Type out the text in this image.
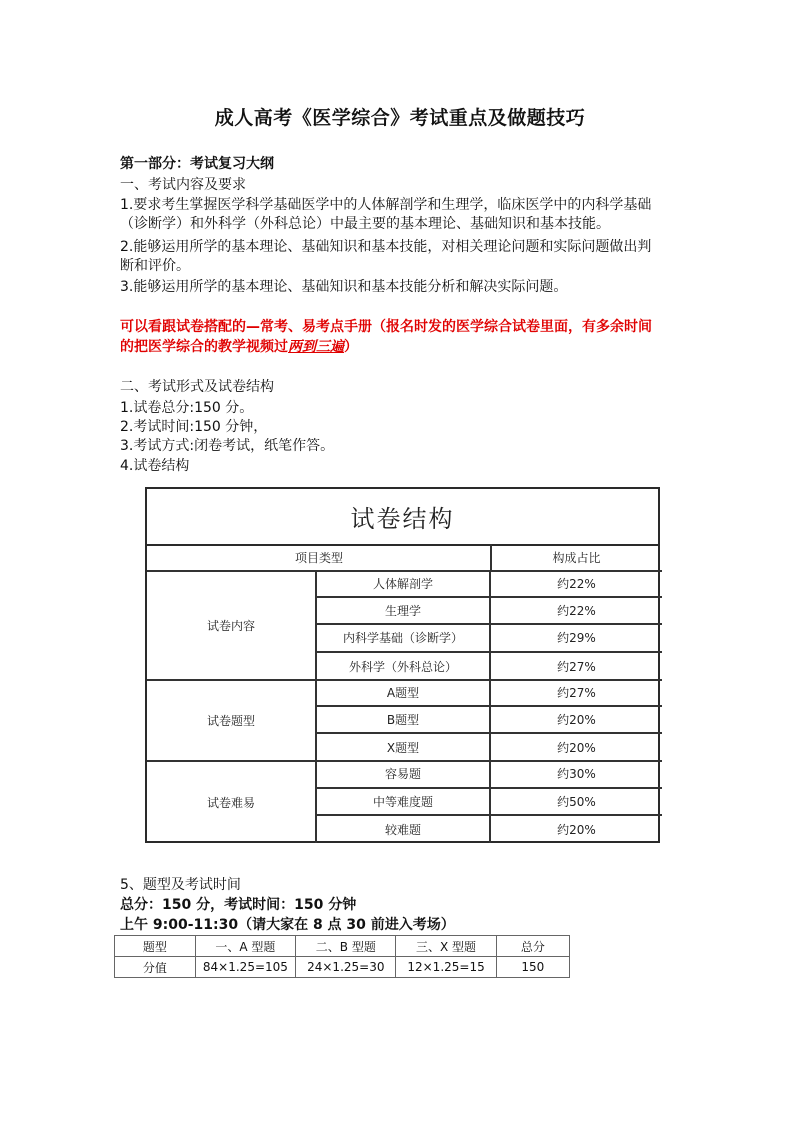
成人高考《医学综合》考试重点及做题技巧
第一部分：考试复习大纲
一、考试内容及要求
1.要求考生掌握医学科学基础医学中的人体解剖学和生理学，临床医学中的内科学基础
（诊断学）和外科学（外科总论）中最主要的基本理论、基础知识和基本技能。
2.能够运用所学的基本理论、基础知识和基本技能，对相关理论问题和实际问题做出判
断和评价。
3.能够运用所学的基本理论、基础知识和基本技能分析和解决实际问题。
可以看跟试卷搭配的—常考、易考点手册（报名时发的医学综合试卷里面，有多余时间
的把医学综合的教学视频过两到三遍）
二、考试形式及试卷结构
1.试卷总分:150 分。
2.考试时间:150 分钟，
3.考试方式:闭卷考试，纸笔作答。
4.试卷结构
试卷结构
项目类型	构成占比
试卷内容
人体解剖学	约22%
生理学	约22%
内科学基础（诊断学）	约29%
外科学（外科总论）	约27%
试卷题型
A题型	约27%
B题型	约20%
X题型	约20%
试卷难易
容易题	约30%
中等难度题	约50%
较难题	约20%
5、题型及考试时间
总分：150 分，考试时间：150 分钟
上午 9:00-11:30（请大家在 8 点 30 前进入考场）
题型	一、A 型题	二、B 型题	三、X 型题	总分
分值	84×1.25=105	24×1.25=30	12×1.25=15	150
